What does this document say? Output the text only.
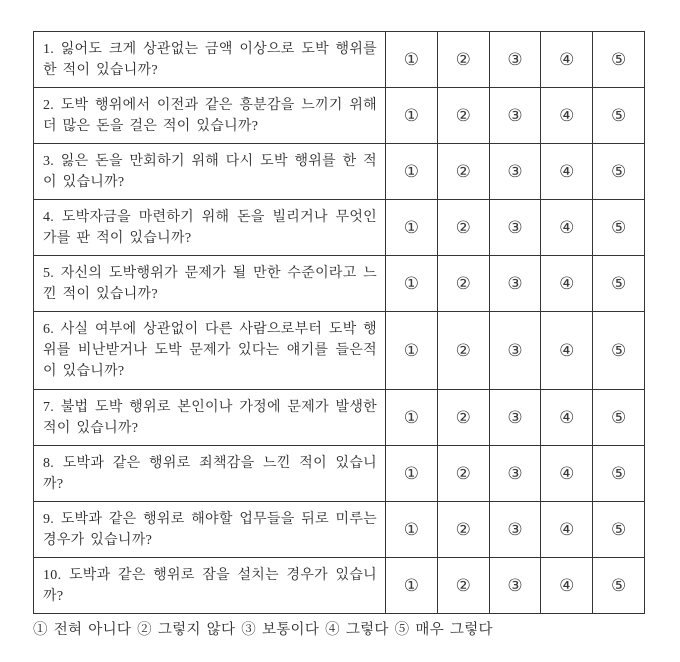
1. 잃어도 크게 상관없는 금액 이상으로 도박 행위를 한 적이 있습니까?	①	②	③	④	⑤
2. 도박 행위에서 이전과 같은 흥분감을 느끼기 위해 더 많은 돈을 걸은 적이 있습니까?	①	②	③	④	⑤
3. 잃은 돈을 만회하기 위해 다시 도박 행위를 한 적이 있습니까?	①	②	③	④	⑤
4. 도박자금을 마련하기 위해 돈을 빌리거나 무엇인가를 판 적이 있습니까?	①	②	③	④	⑤
5. 자신의 도박행위가 문제가 될 만한 수준이라고 느낀 적이 있습니까?	①	②	③	④	⑤
6. 사실 여부에 상관없이 다른 사람으로부터 도박 행위를 비난받거나 도박 문제가 있다는 얘기를 들은적이 있습니까?	①	②	③	④	⑤
7. 불법 도박 행위로 본인이나 가정에 문제가 발생한 적이 있습니까?	①	②	③	④	⑤
8. 도박과 같은 행위로 죄책감을 느낀 적이 있습니까?	①	②	③	④	⑤
9. 도박과 같은 행위로 해야할 업무들을 뒤로 미루는 경우가 있습니까?	①	②	③	④	⑤
10. 도박과 같은 행위로 잠을 설치는 경우가 있습니까?	①	②	③	④	⑤
① 전혀 아니다 ② 그렇지 않다 ③ 보통이다 ④ 그렇다 ⑤ 매우 그렇다
